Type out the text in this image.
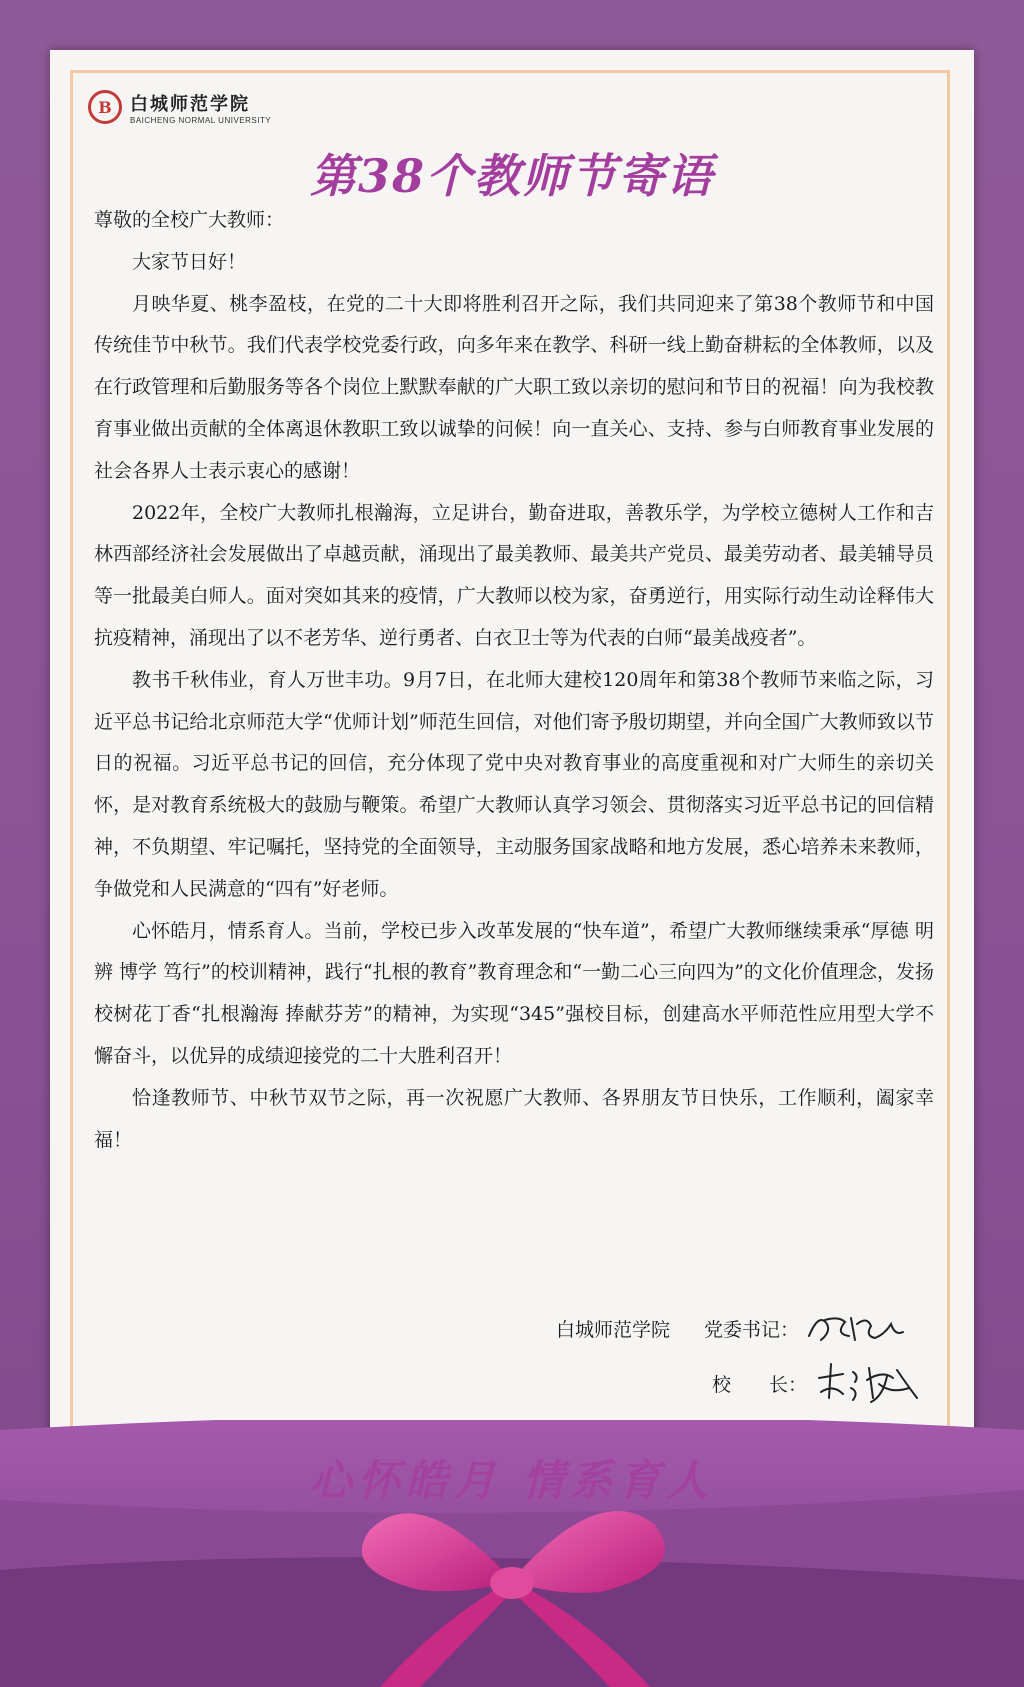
B	白城师范学院
BAICHENG NORMAL UNIVERSITY
第38个教师节寄语

尊敬的全校广大教师：

大家节日好！

月映华夏、桃李盈枝，在党的二十大即将胜利召开之际，我们共同迎来了第38个教师节和中国传统佳节中秋节。我们代表学校党委行政，向多年来在教学、科研一线上勤奋耕耘的全体教师，以及在行政管理和后勤服务等各个岗位上默默奉献的广大职工致以亲切的慰问和节日的祝福！向为我校教育事业做出贡献的全体离退休教职工致以诚挚的问候！向一直关心、支持、参与白师教育事业发展的社会各界人士表示衷心的感谢！

2022年，全校广大教师扎根瀚海，立足讲台，勤奋进取，善教乐学，为学校立德树人工作和吉林西部经济社会发展做出了卓越贡献，涌现出了最美教师、最美共产党员、最美劳动者、最美辅导员等一批最美白师人。面对突如其来的疫情，广大教师以校为家，奋勇逆行，用实际行动生动诠释伟大抗疫精神，涌现出了以不老芳华、逆行勇者、白衣卫士等为代表的白师“最美战疫者”。

教书千秋伟业，育人万世丰功。9月7日，在北师大建校120周年和第38个教师节来临之际，习近平总书记给北京师范大学“优师计划”师范生回信，对他们寄予殷切期望，并向全国广大教师致以节日的祝福。习近平总书记的回信，充分体现了党中央对教育事业的高度重视和对广大师生的亲切关怀，是对教育系统极大的鼓励与鞭策。希望广大教师认真学习领会、贯彻落实习近平总书记的回信精神，不负期望、牢记嘱托，坚持党的全面领导，主动服务国家战略和地方发展，悉心培养未来教师，争做党和人民满意的“四有”好老师。

心怀皓月，情系育人。当前，学校已步入改革发展的“快车道”，希望广大教师继续秉承“厚德 明辨 博学 笃行”的校训精神，践行“扎根的教育”教育理念和“一勤二心三向四为”的文化价值理念，发扬校树花丁香“扎根瀚海 捧献芬芳”的精神，为实现“345”强校目标，创建高水平师范性应用型大学不懈奋斗，以优异的成绩迎接党的二十大胜利召开！

恰逢教师节、中秋节双节之际，再一次祝愿广大教师、各界朋友节日快乐，工作顺利，阖家幸福！

白城师范学院 党委书记：
校　　长：
心怀皓月 情系育人
